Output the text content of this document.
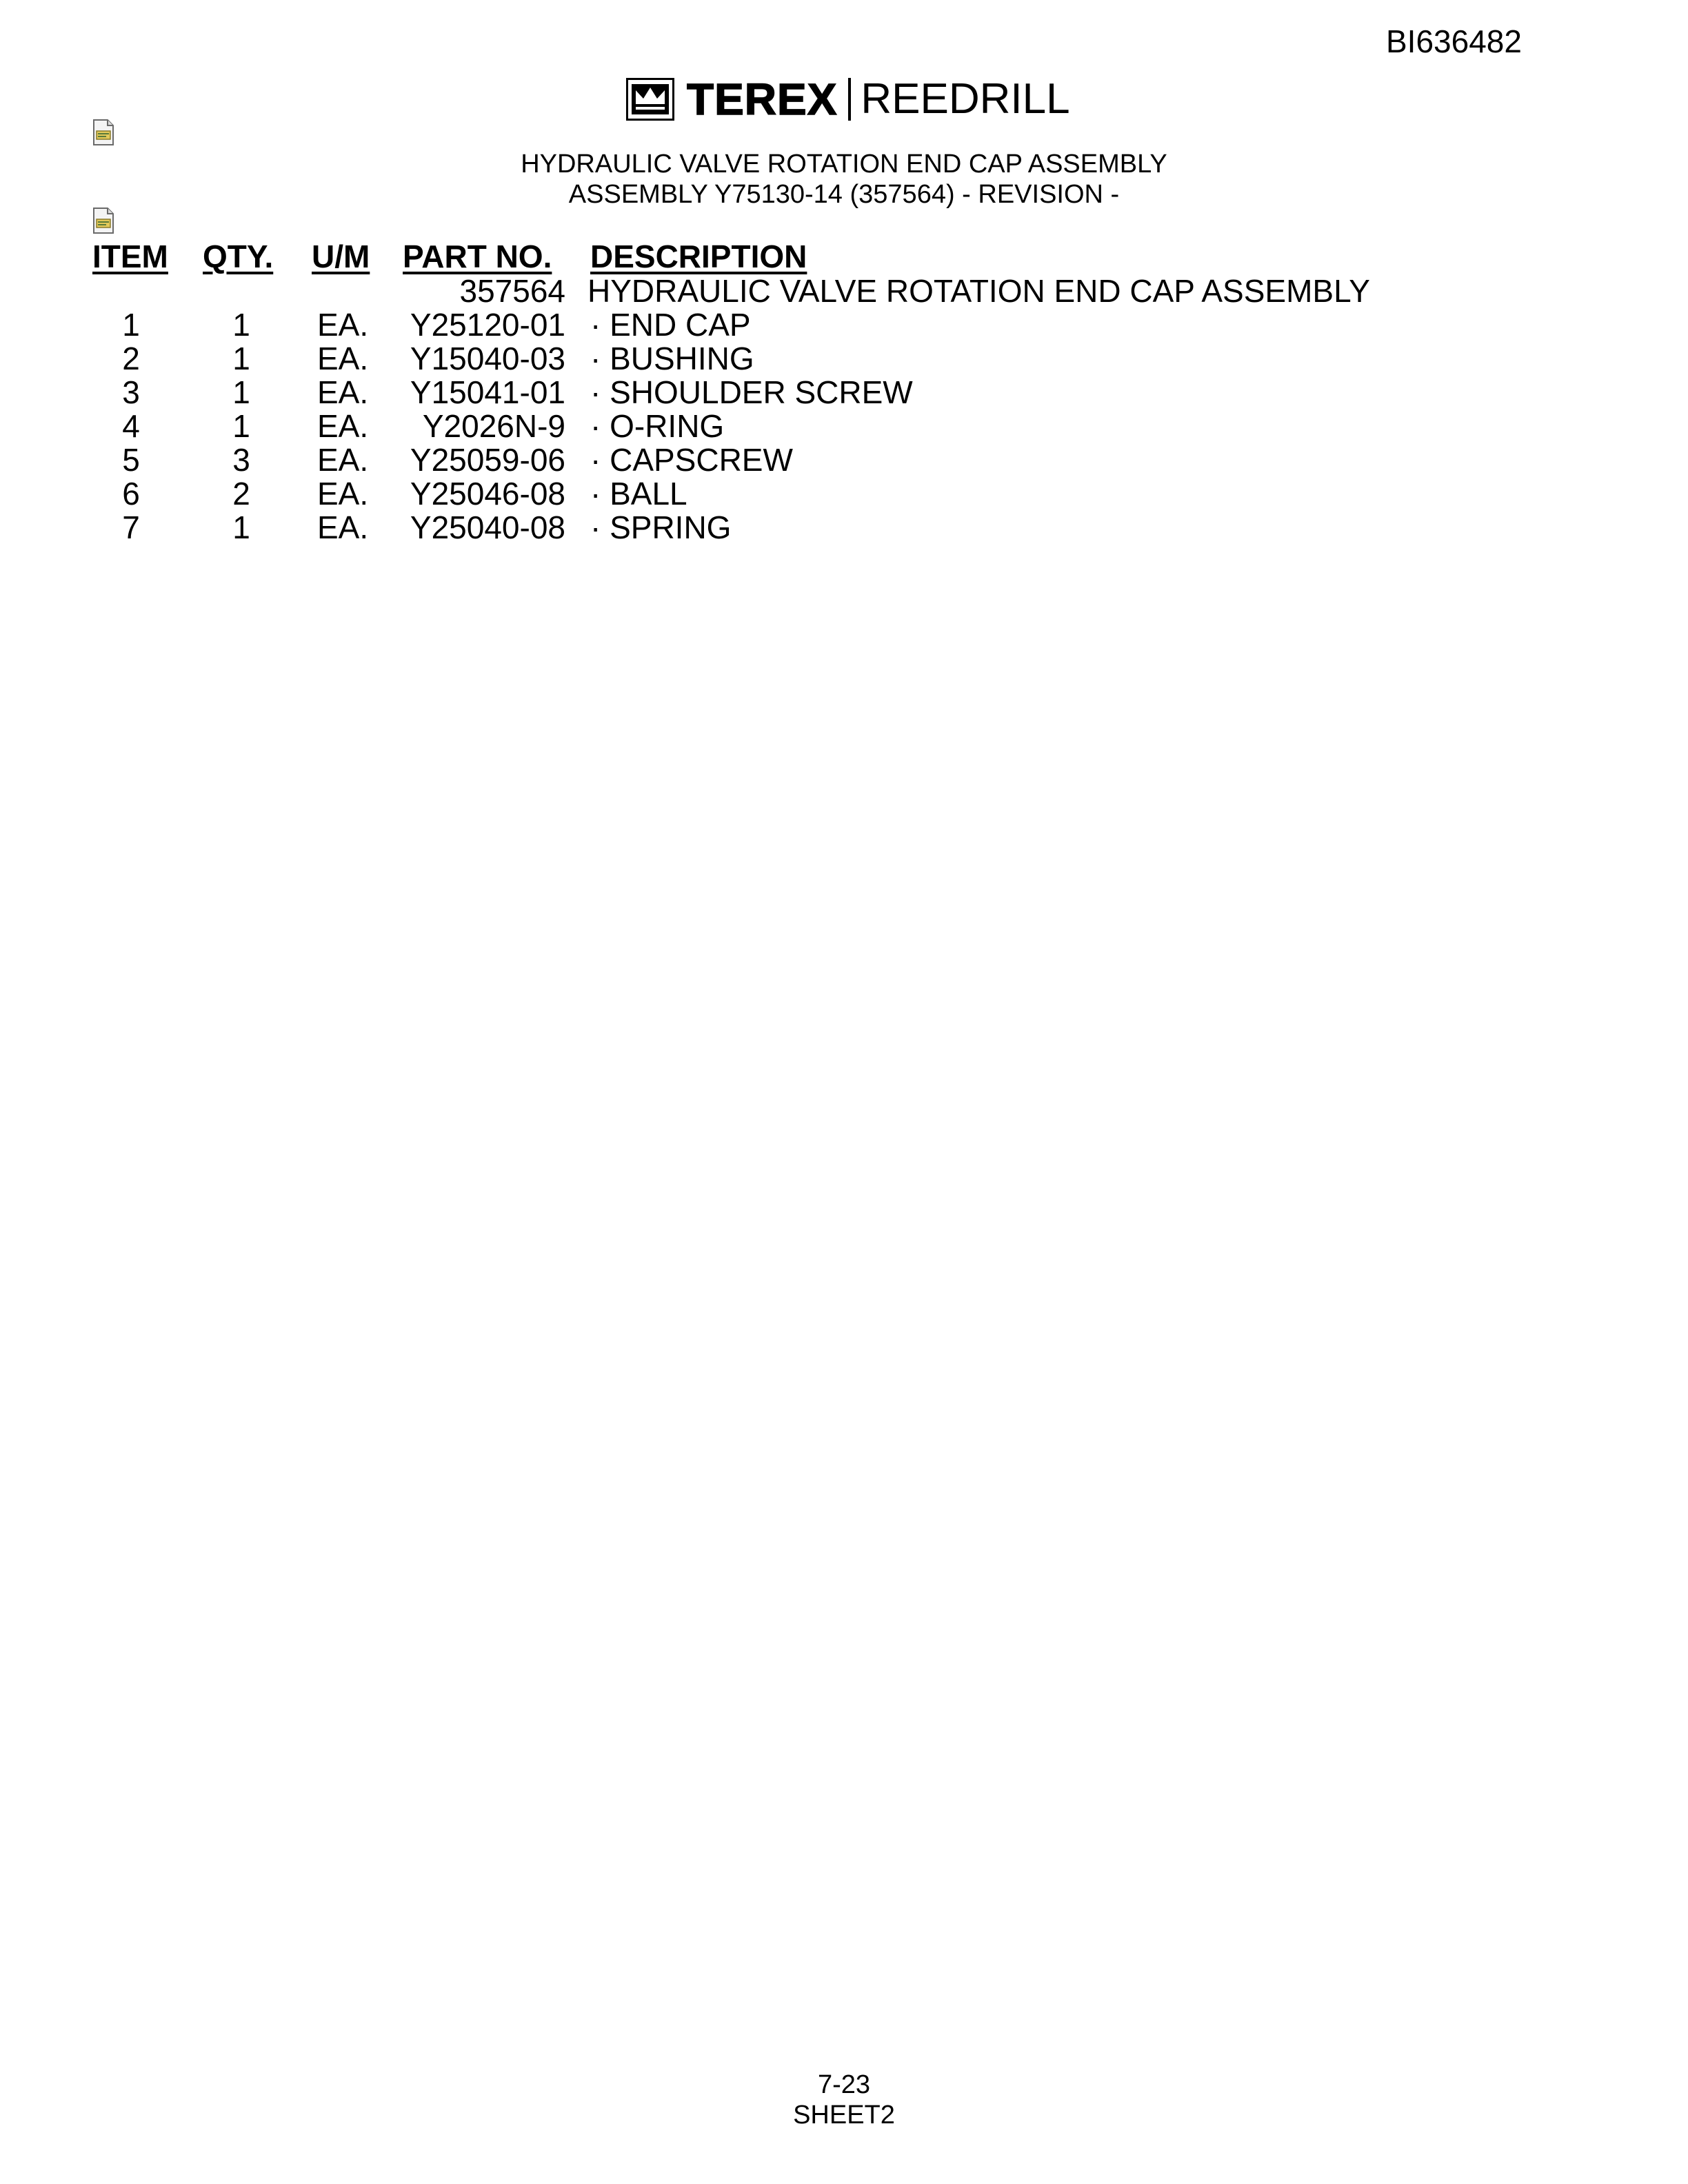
BI636482
TEREX REEDRILL
HYDRAULIC VALVE ROTATION END CAP ASSEMBLY
ASSEMBLY Y75130-14 (357564) - REVISION -
ITEM QTY. U/M PART NO. DESCRIPTION
357564 HYDRAULIC VALVE ROTATION END CAP ASSEMBLY
1	1	EA.	Y25120-01 · END CAP
2	1	EA.	Y15040-03 · BUSHING
3	1	EA.	Y15041-01 · SHOULDER SCREW
4	1	EA.	Y2026N-9 · O-RING
5	3	EA.	Y25059-06 · CAPSCREW
6	2	EA.	Y25046-08 · BALL
7	1	EA.	Y25040-08 · SPRING
7-23
SHEET2
